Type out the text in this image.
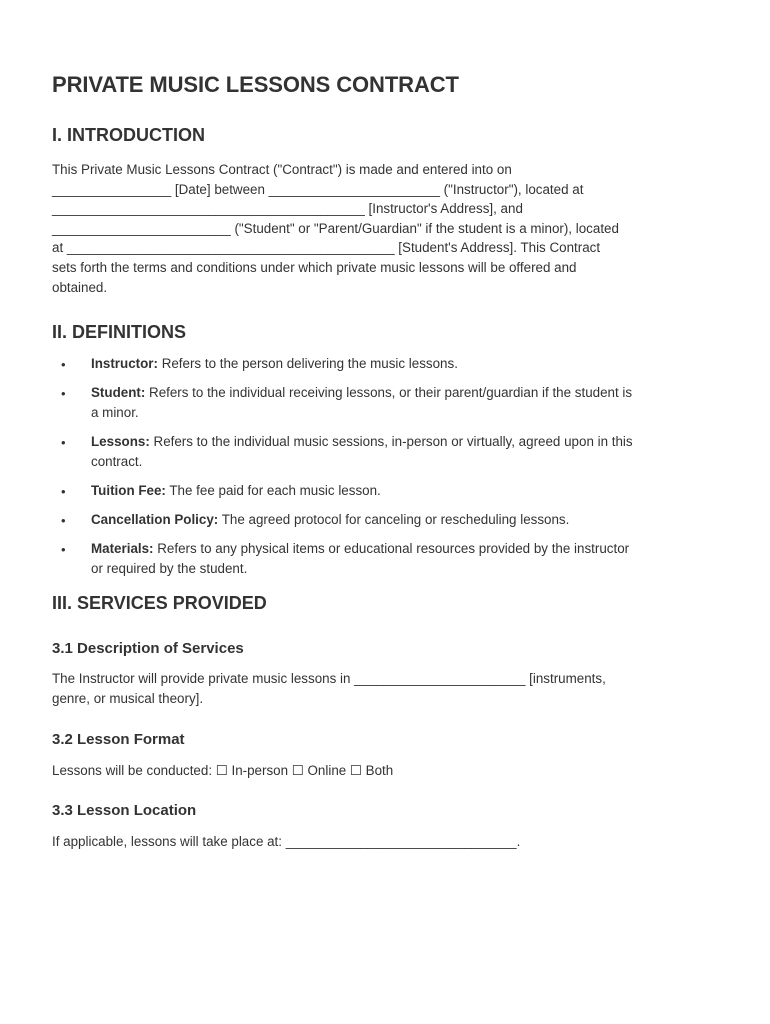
PRIVATE MUSIC LESSONS CONTRACT
I. INTRODUCTION

This Private Music Lessons Contract ("Contract") is made and entered into on
________________ [Date] between _______________________ ("Instructor"), located at
__________________________________________ [Instructor's Address], and
________________________ ("Student" or "Parent/Guardian" if the student is a minor), located
at ____________________________________________ [Student's Address]. This Contract
sets forth the terms and conditions under which private music lessons will be offered and
obtained.

II. DEFINITIONS
• Instructor: Refers to the person delivering the music lessons.
• Student: Refers to the individual receiving lessons, or their parent/guardian if the student is
a minor.
• Lessons: Refers to the individual music sessions, in-person or virtually, agreed upon in this
contract.
• Tuition Fee: The fee paid for each music lesson.
• Cancellation Policy: The agreed protocol for canceling or rescheduling lessons.
• Materials: Refers to any physical items or educational resources provided by the instructor
or required by the student.
III. SERVICES PROVIDED
3.1 Description of Services

The Instructor will provide private music lessons in _______________________ [instruments,
genre, or musical theory].

3.2 Lesson Format

Lessons will be conducted: ☐ In-person ☐ Online ☐ Both

3.3 Lesson Location

If applicable, lessons will take place at: _______________________________.
